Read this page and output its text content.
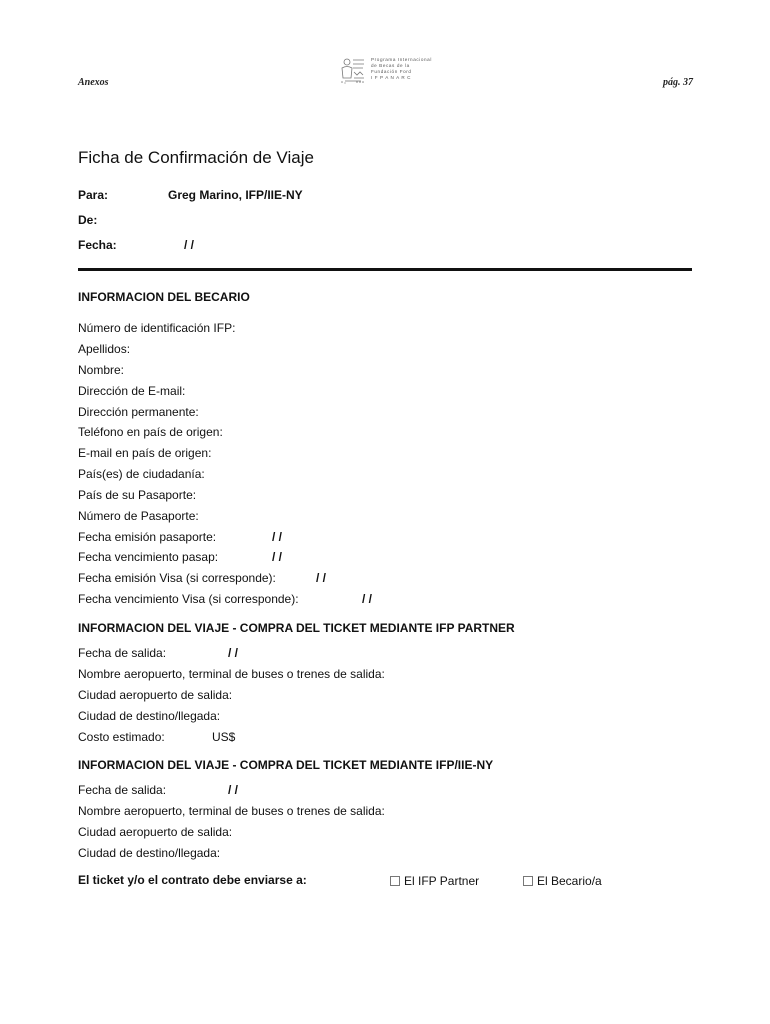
Anexos
Programa Internacional
de Becas de la
Fundación Ford
I F P A N A R C	pág. 37
Ficha de Confirmación de Viaje
Para:	Greg Marino, IFP/IIE-NY
De:
Fecha:	/ /
INFORMACION DEL BECARIO
Número de identificación IFP:
Apellidos:
Nombre:
Dirección de E-mail:
Dirección permanente:
Teléfono en país de origen:
E-mail en país de origen:
País(es) de ciudadanía:
País de su Pasaporte:
Número de Pasaporte:
Fecha emisión pasaporte:	/ /
Fecha vencimiento pasap:	/ /
Fecha emisión Visa (si corresponde):	/ /
Fecha vencimiento Visa (si corresponde):	/ /
INFORMACION DEL VIAJE - COMPRA DEL TICKET MEDIANTE IFP PARTNER
Fecha de salida:	/ /
Nombre aeropuerto, terminal de buses o trenes de salida:
Ciudad aeropuerto de salida:
Ciudad de destino/llegada:
Costo estimado:	US$
INFORMACION DEL VIAJE - COMPRA DEL TICKET MEDIANTE IFP/IIE-NY
Fecha de salida:	/ /
Nombre aeropuerto, terminal de buses o trenes de salida:
Ciudad aeropuerto de salida:
Ciudad de destino/llegada:
El ticket y/o el contrato debe enviarse a:	El IFP Partner	El Becario/a
